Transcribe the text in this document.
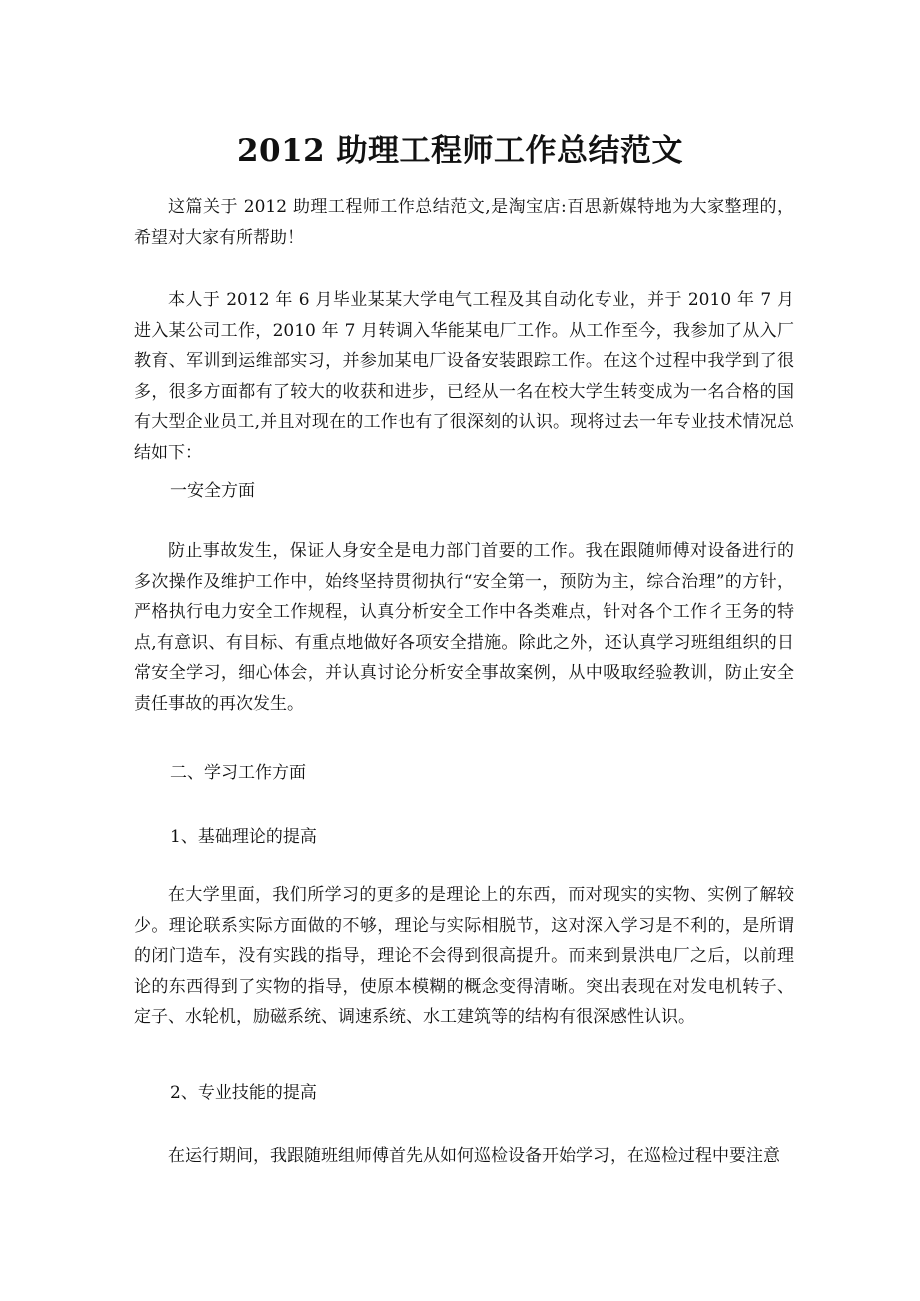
2012 助理工程师工作总结范文

这篇关于 2012 助理工程师工作总结范文,是淘宝店:百思新媒特地为大家整理的，希望对大家有所帮助！

本人于 2012 年 6 月毕业某某大学电气工程及其自动化专业，并于 2010 年 7 月进入某公司工作，2010 年 7 月转调入华能某电厂工作。从工作至今，我参加了从入厂教育、军训到运维部实习，并参加某电厂设备安装跟踪工作。在这个过程中我学到了很多，很多方面都有了较大的收获和进步，已经从一名在校大学生转变成为一名合格的国有大型企业员工,并且对现在的工作也有了很深刻的认识。现将过去一年专业技术情况总结如下：

一安全方面

防止事故发生，保证人身安全是电力部门首要的工作。我在跟随师傅对设备进行的多次操作及维护工作中，始终坚持贯彻执行“安全第一，预防为主，综合治理”的方针，严格执行电力安全工作规程，认真分析安全工作中各类难点，针对各个工作彳王务的特点,有意识、有目标、有重点地做好各项安全措施。除此之外，还认真学习班组组织的日常安全学习，细心体会，并认真讨论分析安全事故案例，从中吸取经验教训，防止安全责任事故的再次发生。

二、学习工作方面

1、基础理论的提高

在大学里面，我们所学习的更多的是理论上的东西，而对现实的实物、实例了解较少。理论联系实际方面做的不够，理论与实际相脱节，这对深入学习是不利的，是所谓的闭门造车，没有实践的指导，理论不会得到很高提升。而来到景洪电厂之后，以前理论的东西得到了实物的指导，使原本模糊的概念变得清晰。突出表现在对发电机转子、定子、水轮机，励磁系统、调速系统、水工建筑等的结构有很深感性认识。

2、专业技能的提高

在运行期间，我跟随班组师傅首先从如何巡检设备开始学习，在巡检过程中要注意
